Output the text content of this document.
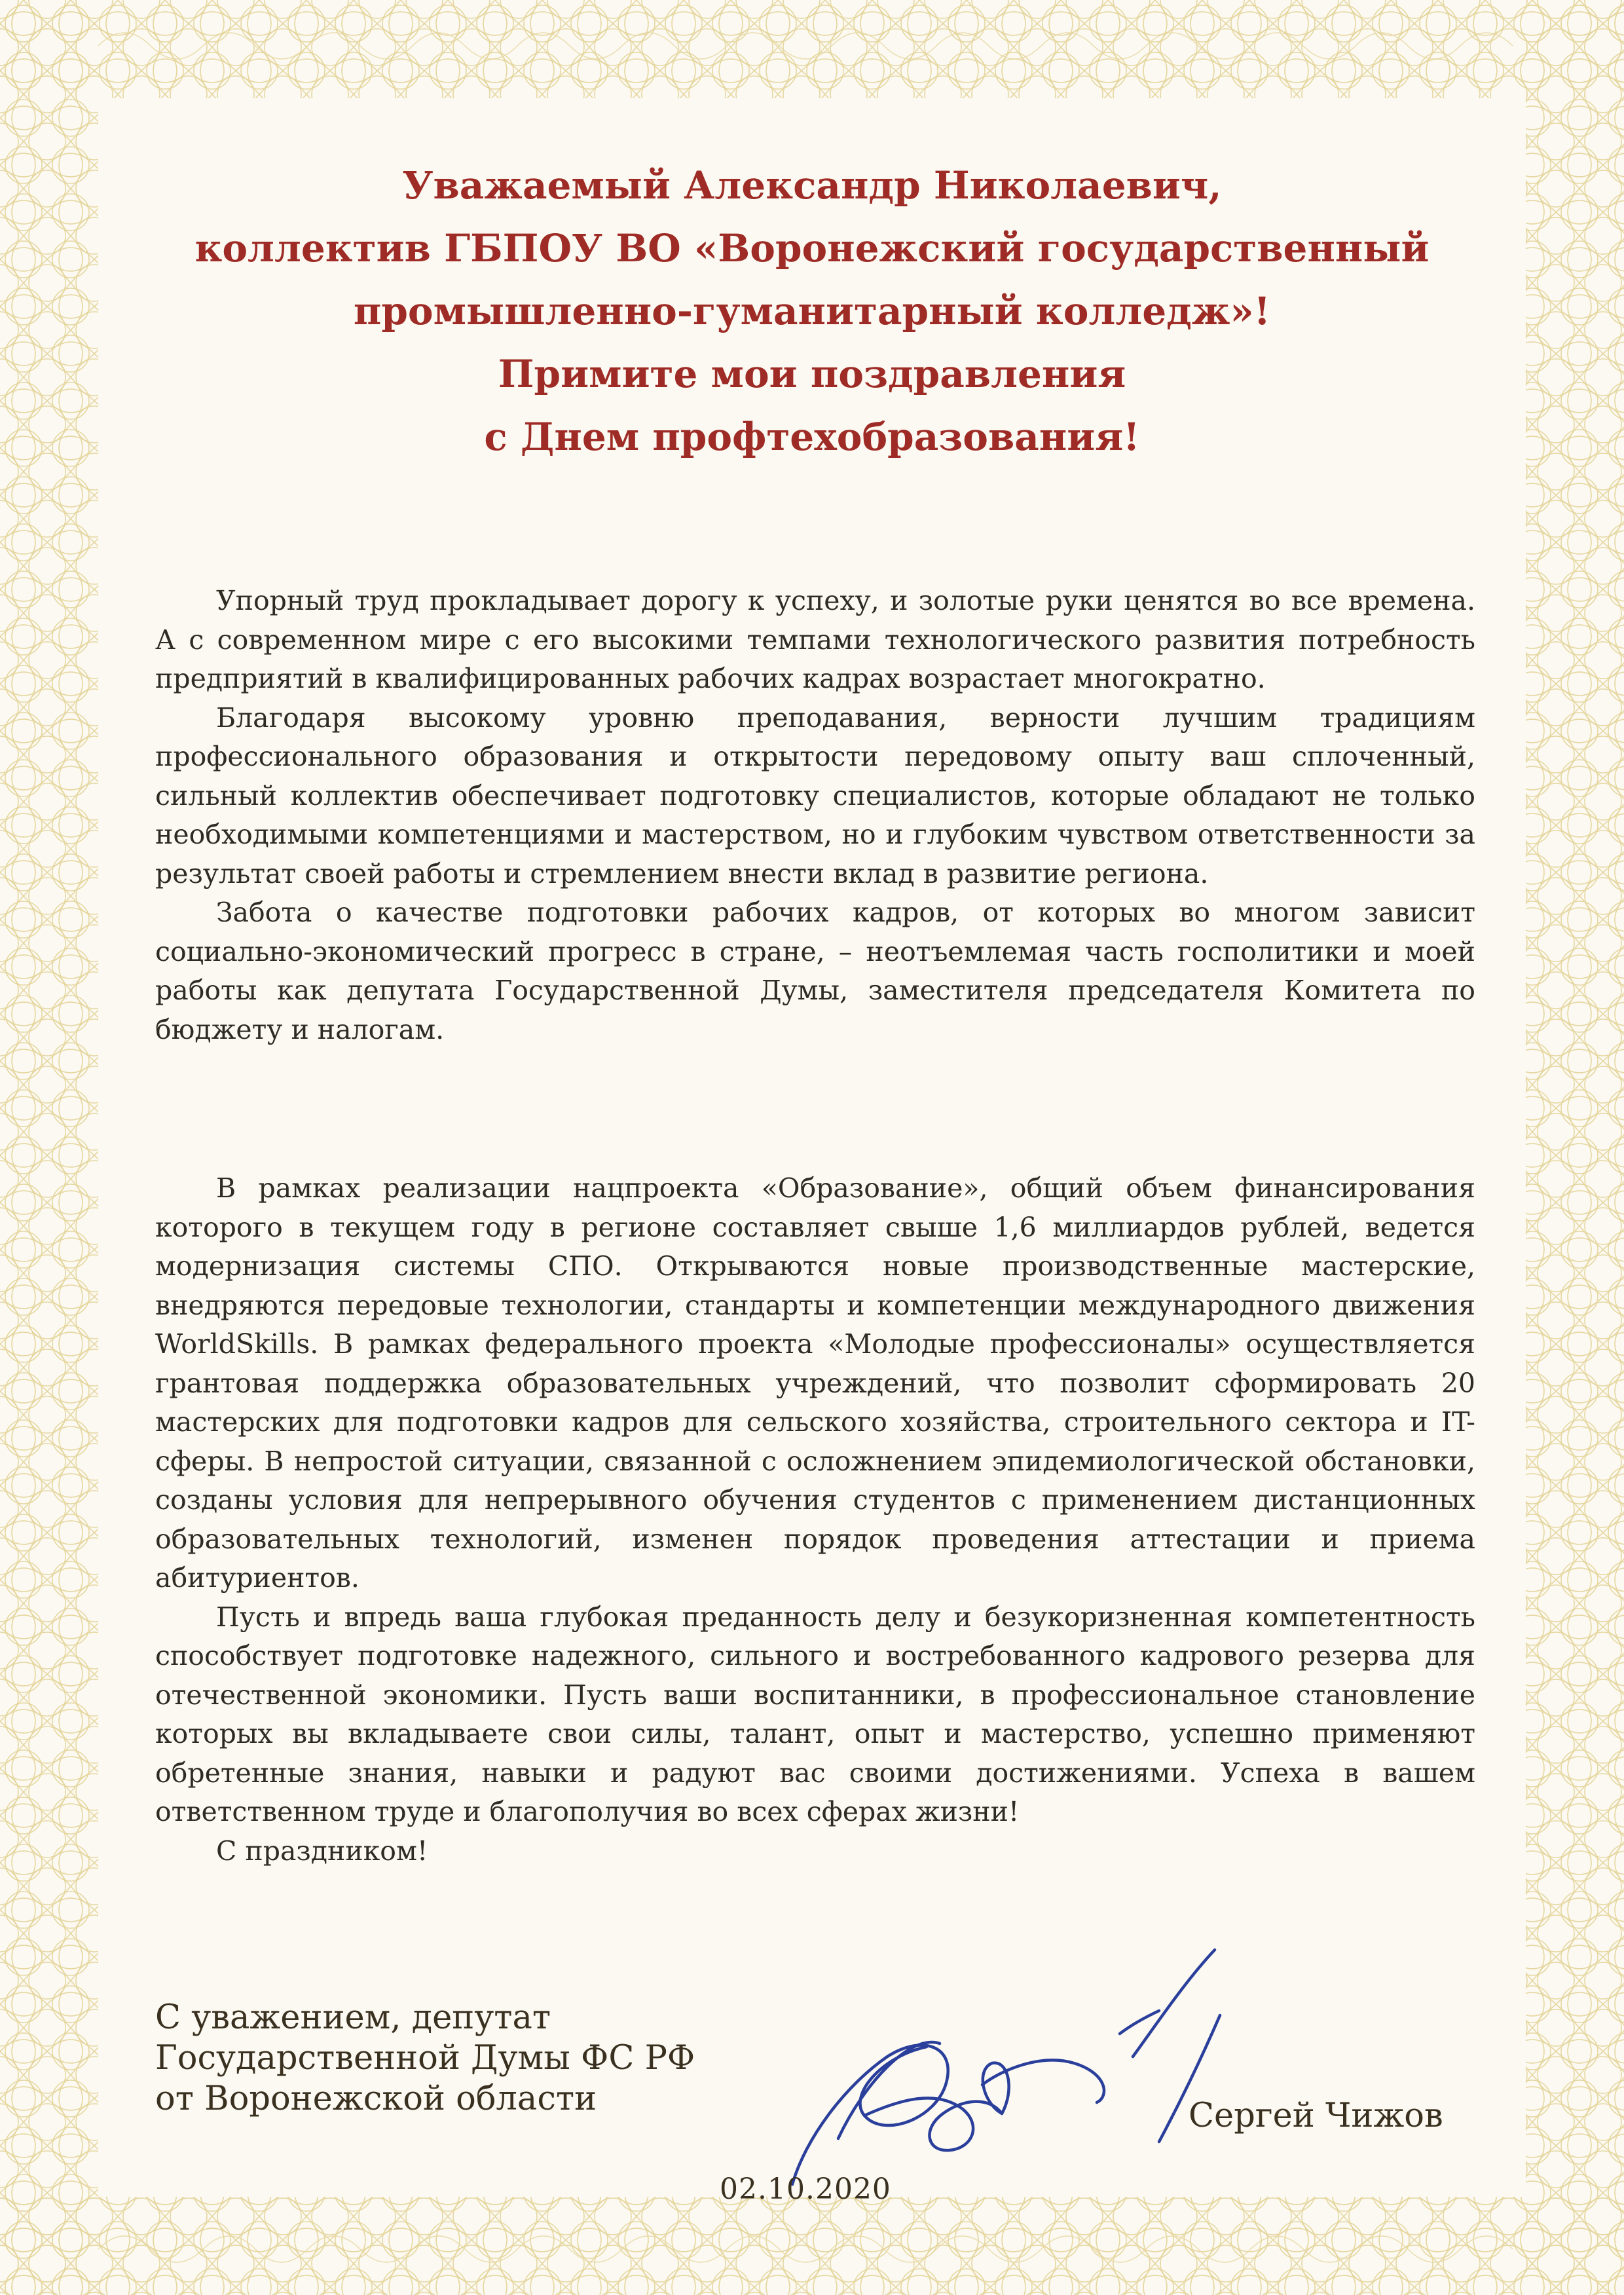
Уважаемый Александр Николаевич,
коллектив ГБПОУ ВО «Воронежский государственный
промышленно-гуманитарный колледж»!
Примите мои поздравления
с Днем профтехобразования!
Упорный труд прокладывает дорогу к успеху, и золотые руки ценятся во все времена. А с современном мире с его высокими темпами технологического развития потребность предприятий в квалифицированных рабочих кадрах возрастает многократно.
Благодаря высокому уровню преподавания, верности лучшим традициям профессионального образования и открытости передовому опыту ваш сплоченный, сильный коллектив обеспечивает подготовку специалистов, которые обладают не только необходимыми компетенциями и мастерством, но и глубоким чувством ответственности за результат своей работы и стремлением внести вклад в развитие региона.
Забота о качестве подготовки рабочих кадров, от которых во многом зависит социально-экономический прогресс в стране, – неотъемлемая часть госполитики и моей работы как депутата Государственной Думы, заместителя председателя Комитета по бюджету и налогам.
В рамках реализации нацпроекта «Образование», общий объем финансирования которого в текущем году в регионе составляет свыше 1,6 миллиардов рублей, ведется модернизация системы СПО. Открываются новые производственные мастерские, внедряются передовые технологии, стандарты и компетенции международного движения WorldSkills. В рамках федерального проекта «Молодые профессионалы» осуществляется грантовая поддержка образовательных учреждений, что позволит сформировать 20 мастерских для подготовки кадров для сельского хозяйства, строительного сектора и IT-сферы. В непростой ситуации, связанной с осложнением эпидемиологической обстановки, созданы условия для непрерывного обучения студентов с применением дистанционных образовательных технологий, изменен порядок проведения аттестации и приема абитуриентов.
Пусть и впредь ваша глубокая преданность делу и безукоризненная компетентность способствует подготовке надежного, сильного и востребованного кадрового резерва для отечественной экономики. Пусть ваши воспитанники, в профессиональное становление которых вы вкладываете свои силы, талант, опыт и мастерство, успешно применяют обретенные знания, навыки и радуют вас своими достижениями. Успеха в вашем ответственном труде и благополучия во всех сферах жизни!
С праздником!
С уважением, депутат
Государственной Думы ФС РФ
от Воронежской области	Сергей Чижов
02.10.2020
